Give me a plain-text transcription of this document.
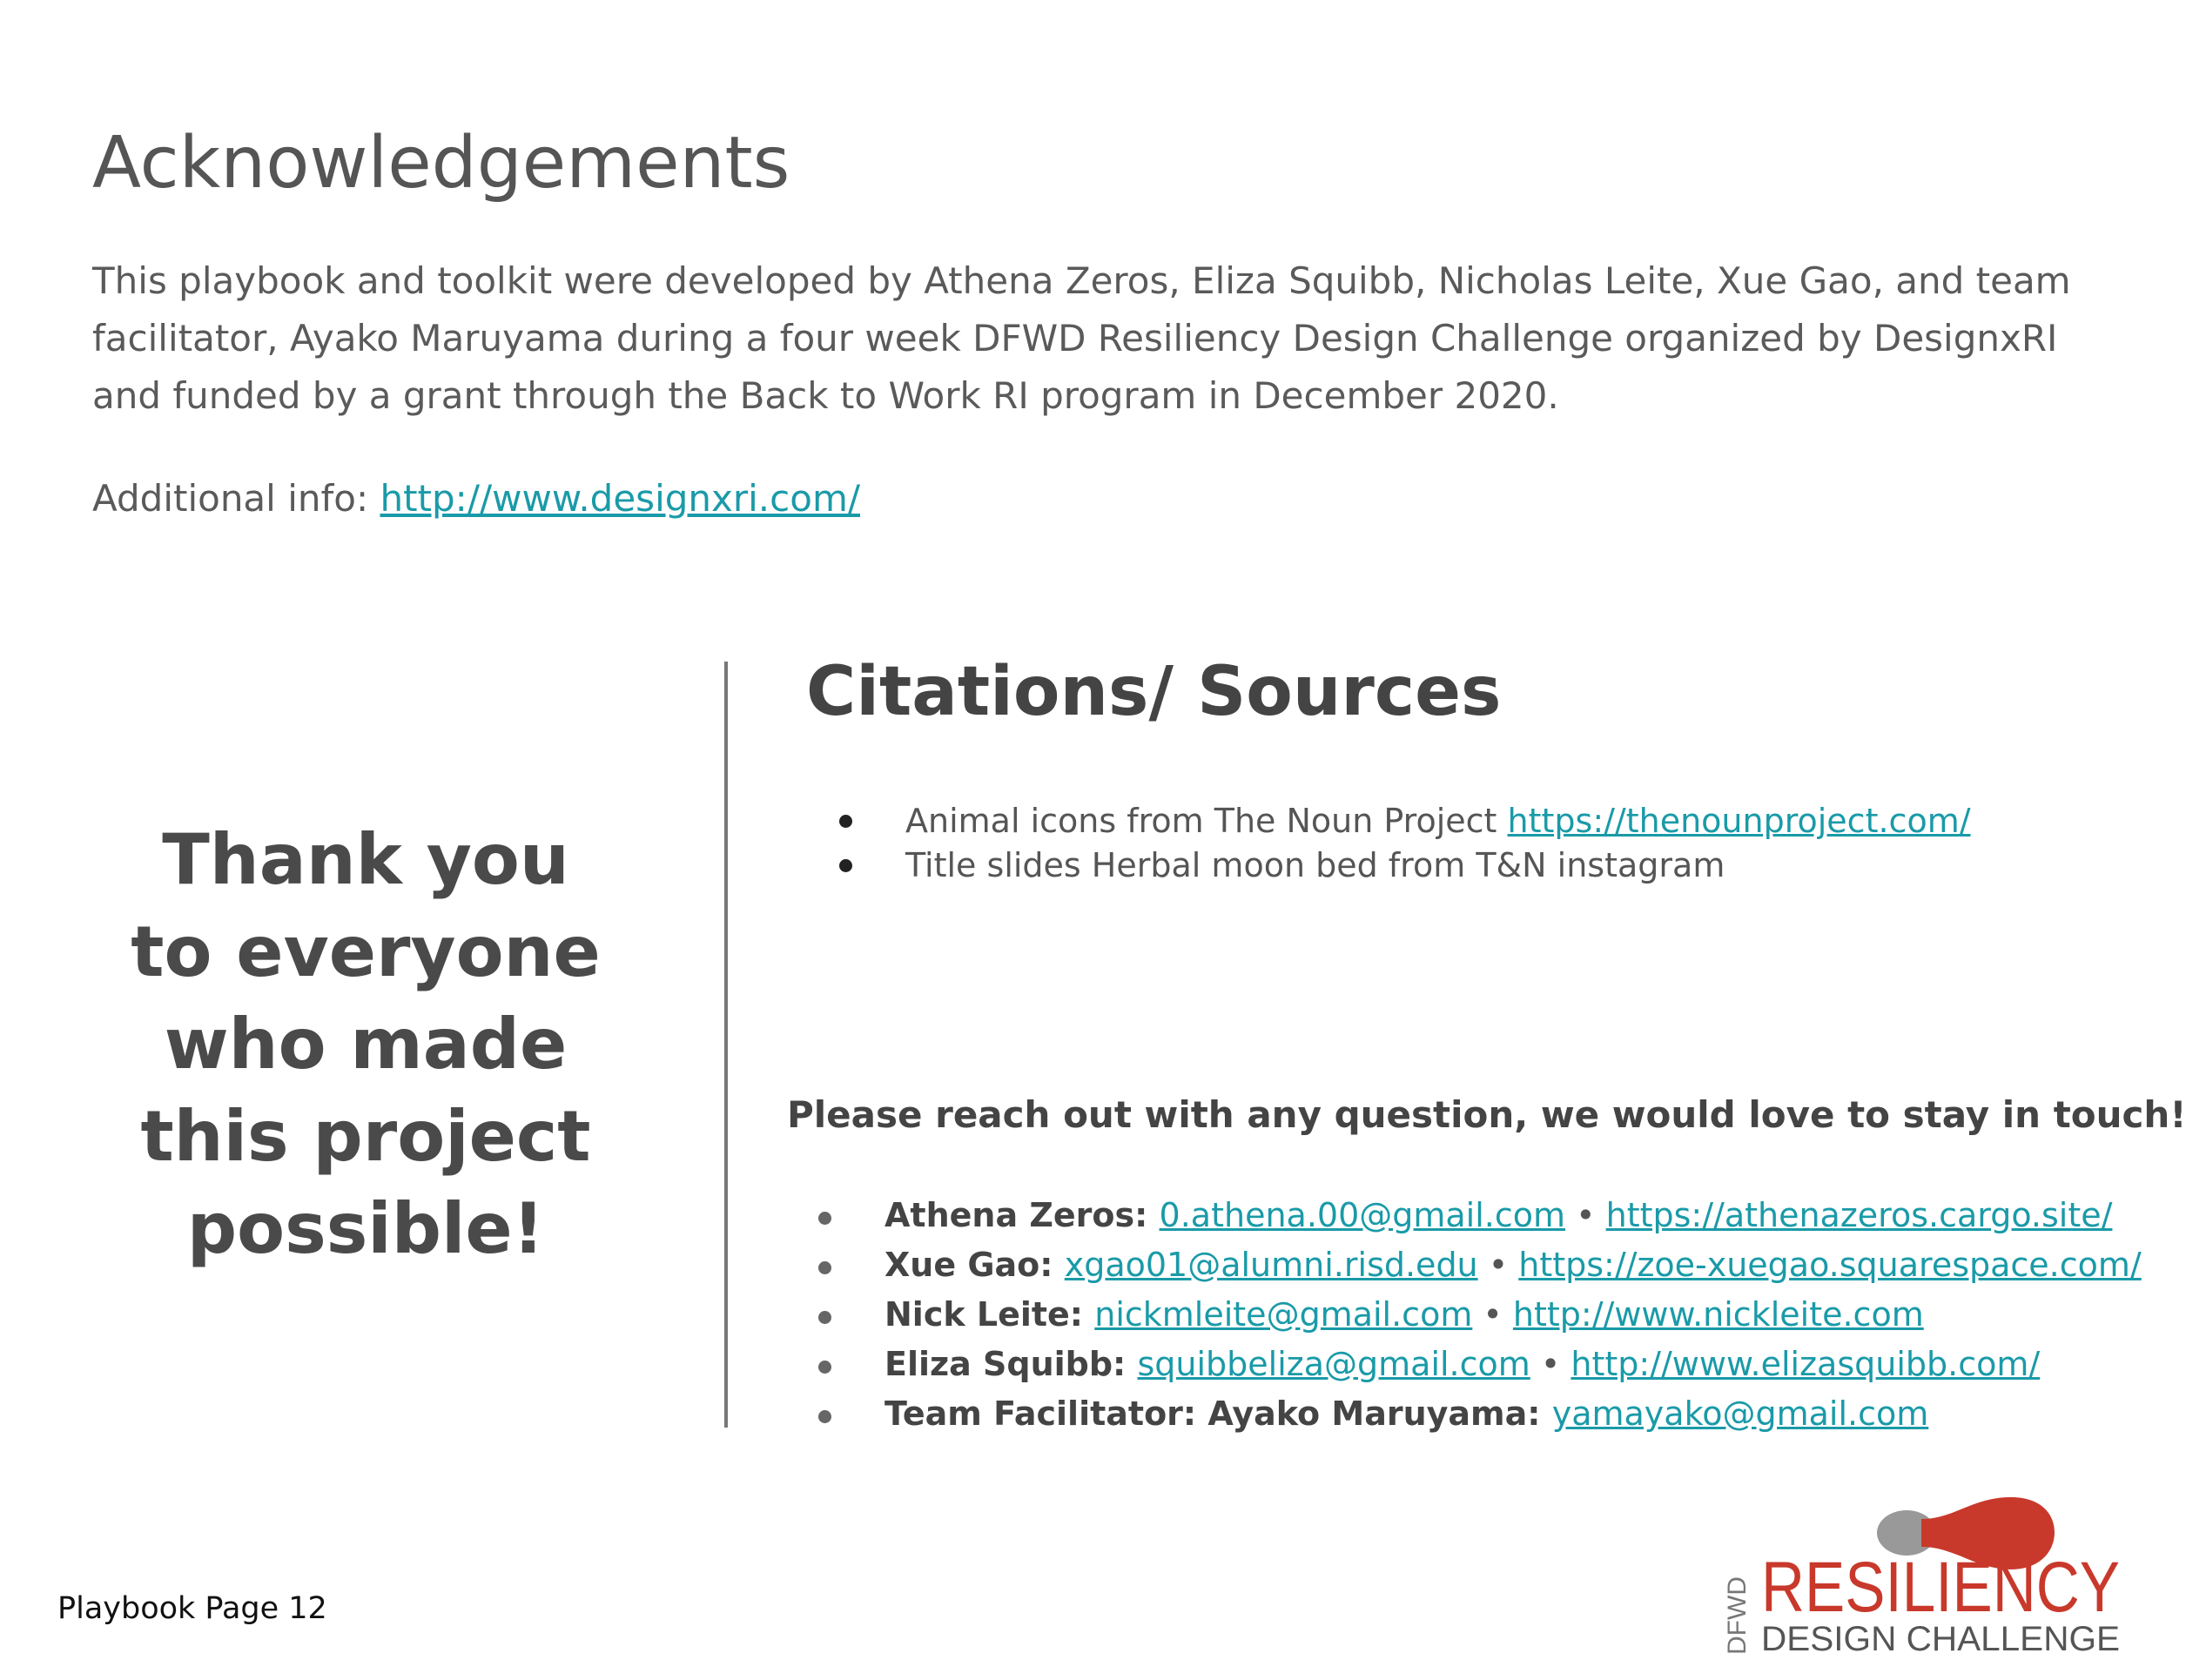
Acknowledgements

This playbook and toolkit were developed by Athena Zeros, Eliza Squibb, Nicholas Leite, Xue Gao, and team facilitator, Ayako Maruyama during a four week DFWD Resiliency Design Challenge organized by DesignxRI and funded by a grant through the Back to Work RI program in December 2020.

Additional info: http://www.designxri.com/

Thank you to everyone who made this project possible!

Citations/ Sources
Animal icons from The Noun Project https://thenounproject.com/
Title slides Herbal moon bed from T&N instagram

Please reach out with any question, we would love to stay in touch!

Athena Zeros: 0.athena.00@gmail.com • https://athenazeros.cargo.site/
Xue Gao: xgao01@alumni.risd.edu • https://zoe-xuegao.squarespace.com/
Nick Leite: nickmleite@gmail.com • http://www.nickleite.com
Eliza Squibb: squibbeliza@gmail.com • http://www.elizasquibb.com/
Team Facilitator: Ayako Maruyama: yamayako@gmail.com

Playbook Page 12	DFWD RESILIENCY
DESIGN CHALLENGE
